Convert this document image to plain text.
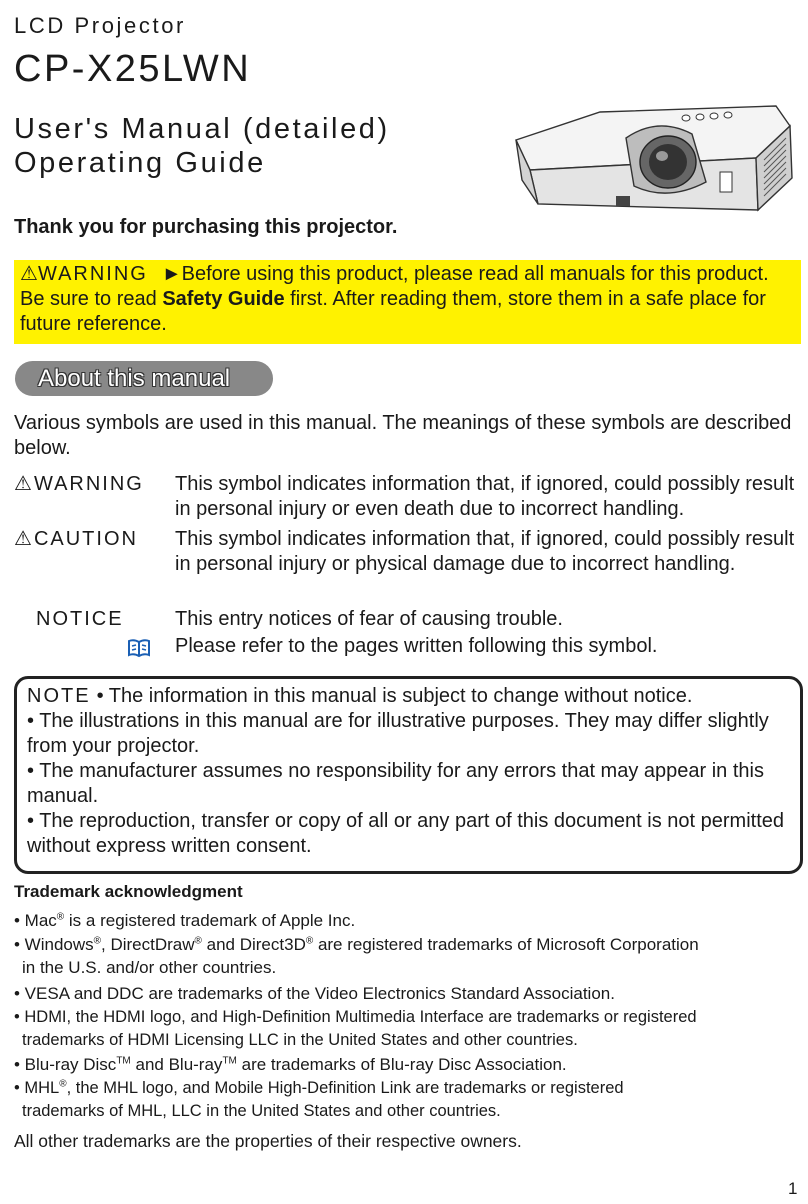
LCD Projector
CP-X25LWN
User's Manual (detailed)
Operating Guide
Thank you for purchasing this projector.
⚠WARNING ►Before using this product, please read all manuals for this product. Be sure to read Safety Guide first. After reading them, store them in a safe place for future reference.
About this manual
Various symbols are used in this manual. The meanings of these symbols are described below.
⚠WARNING This symbol indicates information that, if ignored, could possibly result in personal injury or even death due to incorrect handling.
⚠CAUTION This symbol indicates information that, if ignored, could possibly result in personal injury or physical damage due to incorrect handling.
NOTICE	This entry notices of fear of causing trouble.
Please refer to the pages written following this symbol.
NOTE • The information in this manual is subject to change without notice.
• The illustrations in this manual are for illustrative purposes. They may differ slightly from your projector.
• The manufacturer assumes no responsibility for any errors that may appear in this manual.
• The reproduction, transfer or copy of all or any part of this document is not permitted without express written consent.
Trademark acknowledgment
• Mac® is a registered trademark of Apple Inc.
• Windows®, DirectDraw® and Direct3D® are registered trademarks of Microsoft Corporation
in the U.S. and/or other countries.
• VESA and DDC are trademarks of the Video Electronics Standard Association.
• HDMI, the HDMI logo, and High-Definition Multimedia Interface are trademarks or registered
trademarks of HDMI Licensing LLC in the United States and other countries.
• Blu-ray Disc™ and Blu-ray™ are trademarks of Blu-ray Disc Association.
• MHL®, the MHL logo, and Mobile High-Definition Link are trademarks or registered
trademarks of MHL, LLC in the United States and other countries.
All other trademarks are the properties of their respective owners.
1
